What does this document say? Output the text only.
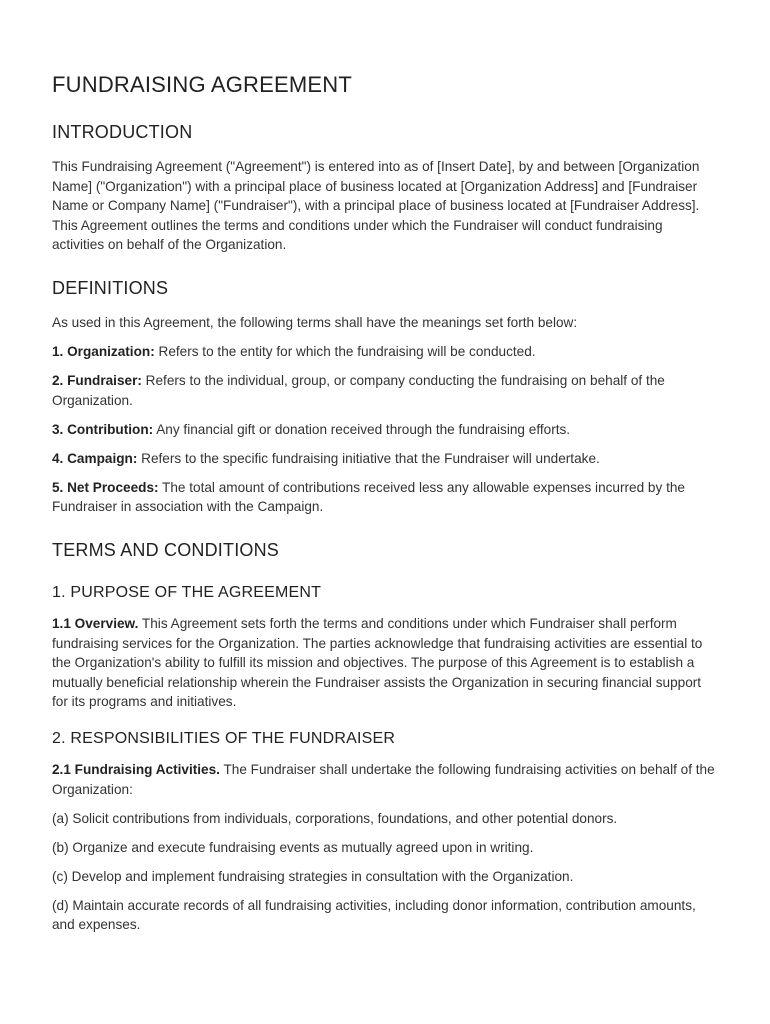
FUNDRAISING AGREEMENT
INTRODUCTION

This Fundraising Agreement ("Agreement") is entered into as of [Insert Date], by and between [Organization Name] ("Organization") with a principal place of business located at [Organization Address] and [Fundraiser Name or Company Name] ("Fundraiser"), with a principal place of business located at [Fundraiser Address]. This Agreement outlines the terms and conditions under which the Fundraiser will conduct fundraising activities on behalf of the Organization.

DEFINITIONS

As used in this Agreement, the following terms shall have the meanings set forth below:

1. Organization: Refers to the entity for which the fundraising will be conducted.

2. Fundraiser: Refers to the individual, group, or company conducting the fundraising on behalf of the Organization.

3. Contribution: Any financial gift or donation received through the fundraising efforts.

4. Campaign: Refers to the specific fundraising initiative that the Fundraiser will undertake.

5. Net Proceeds: The total amount of contributions received less any allowable expenses incurred by the Fundraiser in association with the Campaign.

TERMS AND CONDITIONS
1. PURPOSE OF THE AGREEMENT

1.1 Overview. This Agreement sets forth the terms and conditions under which Fundraiser shall perform fundraising services for the Organization. The parties acknowledge that fundraising activities are essential to the Organization's ability to fulfill its mission and objectives. The purpose of this Agreement is to establish a mutually beneficial relationship wherein the Fundraiser assists the Organization in securing financial support for its programs and initiatives.

2. RESPONSIBILITIES OF THE FUNDRAISER

2.1 Fundraising Activities. The Fundraiser shall undertake the following fundraising activities on behalf of the Organization:

(a) Solicit contributions from individuals, corporations, foundations, and other potential donors.

(b) Organize and execute fundraising events as mutually agreed upon in writing.

(c) Develop and implement fundraising strategies in consultation with the Organization.

(d) Maintain accurate records of all fundraising activities, including donor information, contribution amounts, and expenses.
